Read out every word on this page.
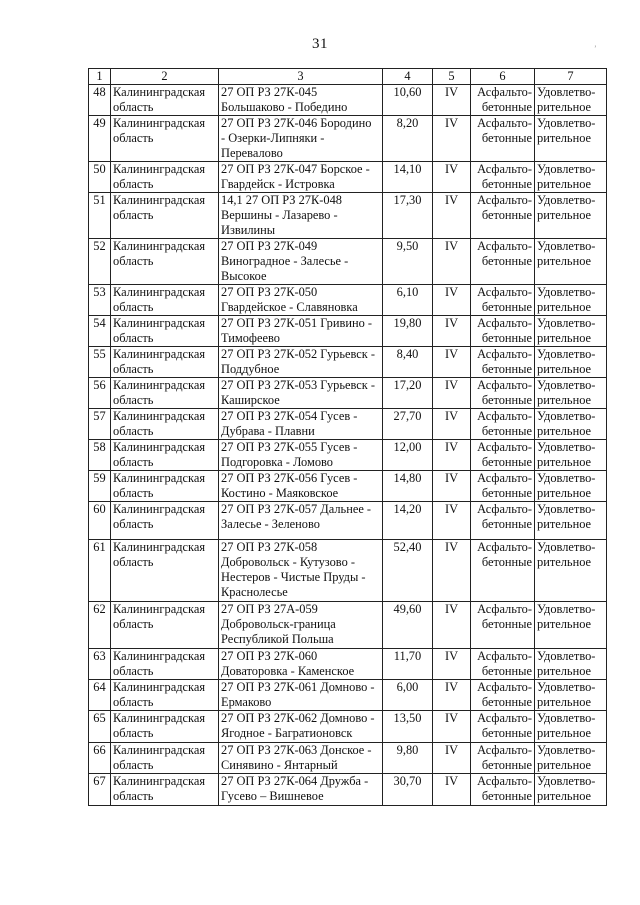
31	ʼ
1	2	3	4	5	6	7
48	Калининградская
область	27 ОП РЗ 27К-045
Большаково - Победино	10,60	IV	Асфальто-
бетонные	Удовлетво-
рительное

49	Калининградская
область	27 ОП РЗ 27К-046 Бородино
- Озерки-Липняки -
Перевалово	8,20	IV	Асфальто-
бетонные	Удовлетво-
рительное

50	Калининградская
область	27 ОП РЗ 27К-047 Борское -
Гвардейск - Истровка	14,10	IV	Асфальто-
бетонные	Удовлетво-
рительное

51	Калининградская
область	14,1 27 ОП РЗ 27К-048
Вершины - Лазарево -
Извилины	17,30	IV	Асфальто-
бетонные	Удовлетво-
рительное

52	Калининградская
область	27 ОП РЗ 27К-049
Виноградное - Залесье -
Высокое	9,50	IV	Асфальто-
бетонные	Удовлетво-
рительное

53	Калининградская
область	27 ОП РЗ 27К-050
Гвардейское - Славяновка	6,10	IV	Асфальто-
бетонные	Удовлетво-
рительное

54	Калининградская
область	27 ОП РЗ 27К-051 Гривино -
Тимофеево	19,80	IV	Асфальто-
бетонные	Удовлетво-
рительное

55	Калининградская
область	27 ОП РЗ 27К-052 Гурьевск -
Поддубное	8,40	IV	Асфальто-
бетонные	Удовлетво-
рительное

56	Калининградская
область	27 ОП РЗ 27К-053 Гурьевск -
Каширское	17,20	IV	Асфальто-
бетонные	Удовлетво-
рительное

57	Калининградская
область	27 ОП РЗ 27К-054 Гусев -
Дубрава - Плавни	27,70	IV	Асфальто-
бетонные	Удовлетво-
рительное

58	Калининградская
область	27 ОП РЗ 27К-055 Гусев -
Подгоровка - Ломово	12,00	IV	Асфальто-
бетонные	Удовлетво-
рительное

59	Калининградская
область	27 ОП РЗ 27К-056 Гусев -
Костино - Маяковское	14,80	IV	Асфальто-
бетонные	Удовлетво-
рительное

60	Калининградская
область	27 ОП РЗ 27К-057 Дальнее -
Залесье - Зеленово	14,20	IV	Асфальто-
бетонные	Удовлетво-
рительное

61	Калининградская
область	27 ОП РЗ 27К-058
Добровольск - Кутузово -
Нестеров - Чистые Пруды -
Краснолесье	52,40	IV	Асфальто-
бетонные	Удовлетво-
рительное

62	Калининградская
область	27 ОП РЗ 27А-059
Добровольск-граница
Республикой Польша	49,60	IV	Асфальто-
бетонные	Удовлетво-
рительное

63	Калининградская
область	27 ОП РЗ 27К-060
Доваторовка - Каменское	11,70	IV	Асфальто-
бетонные	Удовлетво-
рительное

64	Калининградская
область	27 ОП РЗ 27К-061 Домново -
Ермаково	6,00	IV	Асфальто-
бетонные	Удовлетво-
рительное

65	Калининградская
область	27 ОП РЗ 27К-062 Домново -
Ягодное - Багратионовск	13,50	IV	Асфальто-
бетонные	Удовлетво-
рительное

66	Калининградская
область	27 ОП РЗ 27К-063 Донское -
Синявино - Янтарный	9,80	IV	Асфальто-
бетонные	Удовлетво-
рительное

67	Калининградская
область	27 ОП РЗ 27К-064 Дружба -
Гусево – Вишневое	30,70	IV	Асфальто-
бетонные	Удовлетво-
рительное
